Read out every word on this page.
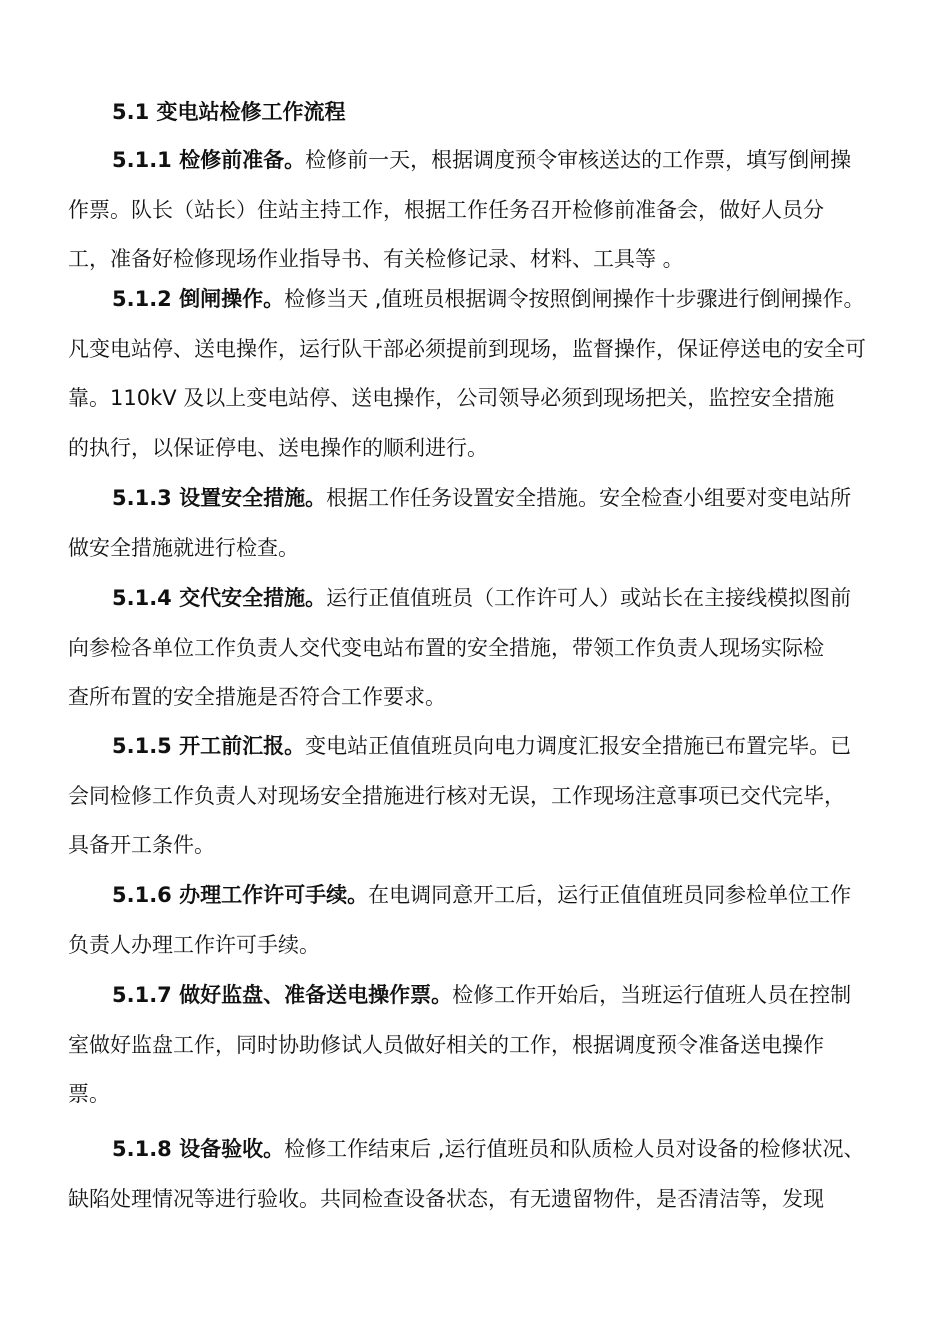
5.1 变电站检修工作流程
5.1.1 检修前准备。检修前一天，根据调度预令审核送达的工作票，填写倒闸操
作票。队长（站长）住站主持工作，根据工作任务召开检修前准备会，做好人员分
工，准备好检修现场作业指导书、有关检修记录、材料、工具等 。
5.1.2 倒闸操作。检修当天 ,值班员根据调令按照倒闸操作十步骤进行倒闸操作。
凡变电站停、送电操作，运行队干部必须提前到现场，监督操作，保证停送电的安全可
靠。110kV 及以上变电站停、送电操作，公司领导必须到现场把关，监控安全措施
的执行，以保证停电、送电操作的顺利进行。
5.1.3 设置安全措施。根据工作任务设置安全措施。安全检查小组要对变电站所
做安全措施就进行检查。
5.1.4 交代安全措施。运行正值值班员（工作许可人）或站长在主接线模拟图前
向参检各单位工作负责人交代变电站布置的安全措施，带领工作负责人现场实际检
查所布置的安全措施是否符合工作要求。
5.1.5 开工前汇报。变电站正值值班员向电力调度汇报安全措施已布置完毕。已
会同检修工作负责人对现场安全措施进行核对无误，工作现场注意事项已交代完毕，
具备开工条件。
5.1.6 办理工作许可手续。在电调同意开工后，运行正值值班员同参检单位工作
负责人办理工作许可手续。
5.1.7 做好监盘、准备送电操作票。检修工作开始后，当班运行值班人员在控制
室做好监盘工作，同时协助修试人员做好相关的工作，根据调度预令准备送电操作
票。
5.1.8 设备验收。检修工作结束后 ,运行值班员和队质检人员对设备的检修状况、
缺陷处理情况等进行验收。共同检查设备状态，有无遗留物件，是否清洁等，发现
